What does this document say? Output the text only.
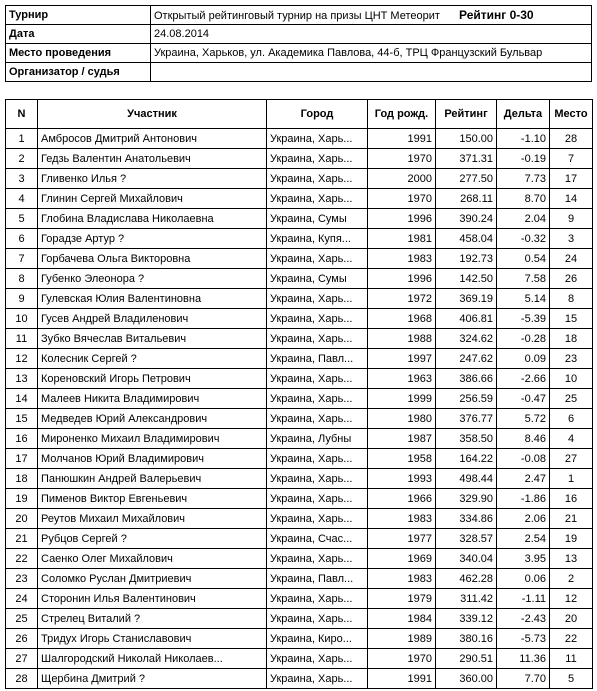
Турнир	Открытый рейтинговый турнир на призы ЦНТ Метеорит Рейтинг 0-30
Дата	24.08.2014
Место проведения	Украина, Харьков, ул. Академика Павлова, 44-б, ТРЦ Французский Бульвар
Организатор / судья	
N	Участник	Город	Год рожд.	Рейтинг	Дельта	Место
1	Амбросов Дмитрий Антонович	Украина, Харь...	1991	150.00	-1.10	28
2	Гедзь Валентин Анатольевич	Украина, Харь...	1970	371.31	-0.19	7
3	Гливенко Илья ?	Украина, Харь...	2000	277.50	7.73	17
4	Глинин Сергей Михайлович	Украина, Харь...	1970	268.11	8.70	14
5	Глобина Владислава Николаевна	Украина, Сумы	1996	390.24	2.04	9
6	Горадзе Артур ?	Украина, Купя...	1981	458.04	-0.32	3
7	Горбачева Ольга Викторовна	Украина, Харь...	1983	192.73	0.54	24
8	Губенко Элеонора ?	Украина, Сумы	1996	142.50	7.58	26
9	Гулевская Юлия Валентиновна	Украина, Харь...	1972	369.19	5.14	8
10	Гусев Андрей Владиленович	Украина, Харь...	1968	406.81	-5.39	15
11	Зубко Вячеслав Витальевич	Украина, Харь...	1988	324.62	-0.28	18
12	Колесник Сергей ?	Украина, Павл...	1997	247.62	0.09	23
13	Кореновский Игорь Петрович	Украина, Харь...	1963	386.66	-2.66	10
14	Малеев Никита Владимирович	Украина, Харь...	1999	256.59	-0.47	25
15	Медведев Юрий Александрович	Украина, Харь...	1980	376.77	5.72	6
16	Мироненко Михаил Владимирович	Украина, Лубны	1987	358.50	8.46	4
17	Молчанов Юрий Владимирович	Украина, Харь...	1958	164.22	-0.08	27
18	Панюшкин Андрей Валерьевич	Украина, Харь...	1993	498.44	2.47	1
19	Пименов Виктор Евгеньевич	Украина, Харь...	1966	329.90	-1.86	16
20	Реутов Михаил Михайлович	Украина, Харь...	1983	334.86	2.06	21
21	Рубцов Сергей ?	Украина, Счас...	1977	328.57	2.54	19
22	Саенко Олег Михайлович	Украина, Харь...	1969	340.04	3.95	13
23	Соломко Руслан Дмитриевич	Украина, Павл...	1983	462.28	0.06	2
24	Сторонин Илья Валентинович	Украина, Харь...	1979	311.42	-1.11	12
25	Стрелец Виталий ?	Украина, Харь...	1984	339.12	-2.43	20
26	Тридух Игорь Станиславович	Украина, Киро...	1989	380.16	-5.73	22
27	Шалгородский Николай Николаев...	Украина, Харь...	1970	290.51	11.36	11
28	Щербина Дмитрий ?	Украина, Харь...	1991	360.00	7.70	5
